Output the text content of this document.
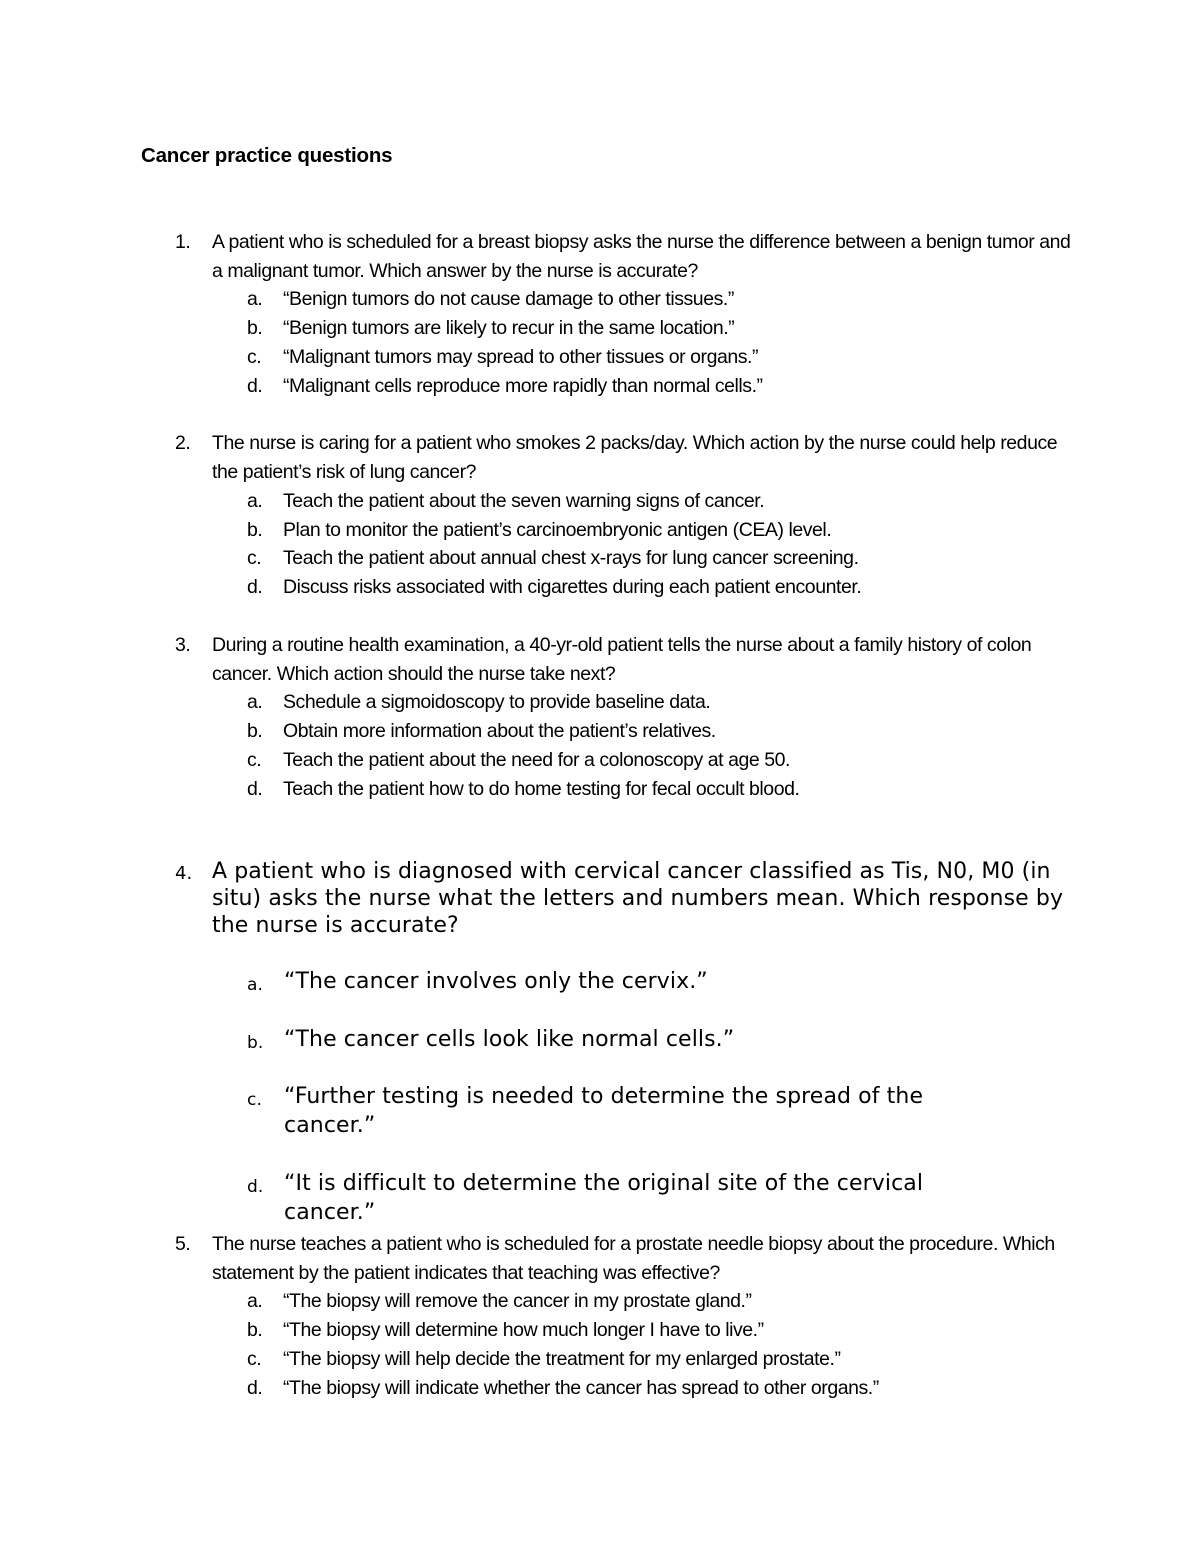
Cancer practice questions
1. A patient who is scheduled for a breast biopsy asks the nurse the difference between a benign tumor and a malignant tumor. Which answer by the nurse is accurate?
a. “Benign tumors do not cause damage to other tissues.”
b. “Benign tumors are likely to recur in the same location.”
c. “Malignant tumors may spread to other tissues or organs.”
d. “Malignant cells reproduce more rapidly than normal cells.”
2. The nurse is caring for a patient who smokes 2 packs/day. Which action by the nurse could help reduce the patient’s risk of lung cancer?
a. Teach the patient about the seven warning signs of cancer.
b. Plan to monitor the patient’s carcinoembryonic antigen (CEA) level.
c. Teach the patient about annual chest x-rays for lung cancer screening.
d. Discuss risks associated with cigarettes during each patient encounter.
3. During a routine health examination, a 40-yr-old patient tells the nurse about a family history of colon cancer. Which action should the nurse take next?
a. Schedule a sigmoidoscopy to provide baseline data.
b. Obtain more information about the patient’s relatives.
c. Teach the patient about the need for a colonoscopy at age 50.
d. Teach the patient how to do home testing for fecal occult blood.
4. A patient who is diagnosed with cervical cancer classified as Tis, N0, M0 (in situ) asks the nurse what the letters and numbers mean. Which response by the nurse is accurate?
a. “The cancer involves only the cervix.”
b. “The cancer cells look like normal cells.”
c. “Further testing is needed to determine the spread of the cancer.”
d. “It is difficult to determine the original site of the cervical cancer.”
5. The nurse teaches a patient who is scheduled for a prostate needle biopsy about the procedure. Which statement by the patient indicates that teaching was effective?
a. “The biopsy will remove the cancer in my prostate gland.”
b. “The biopsy will determine how much longer I have to live.”
c. “The biopsy will help decide the treatment for my enlarged prostate.”
d. “The biopsy will indicate whether the cancer has spread to other organs.”
